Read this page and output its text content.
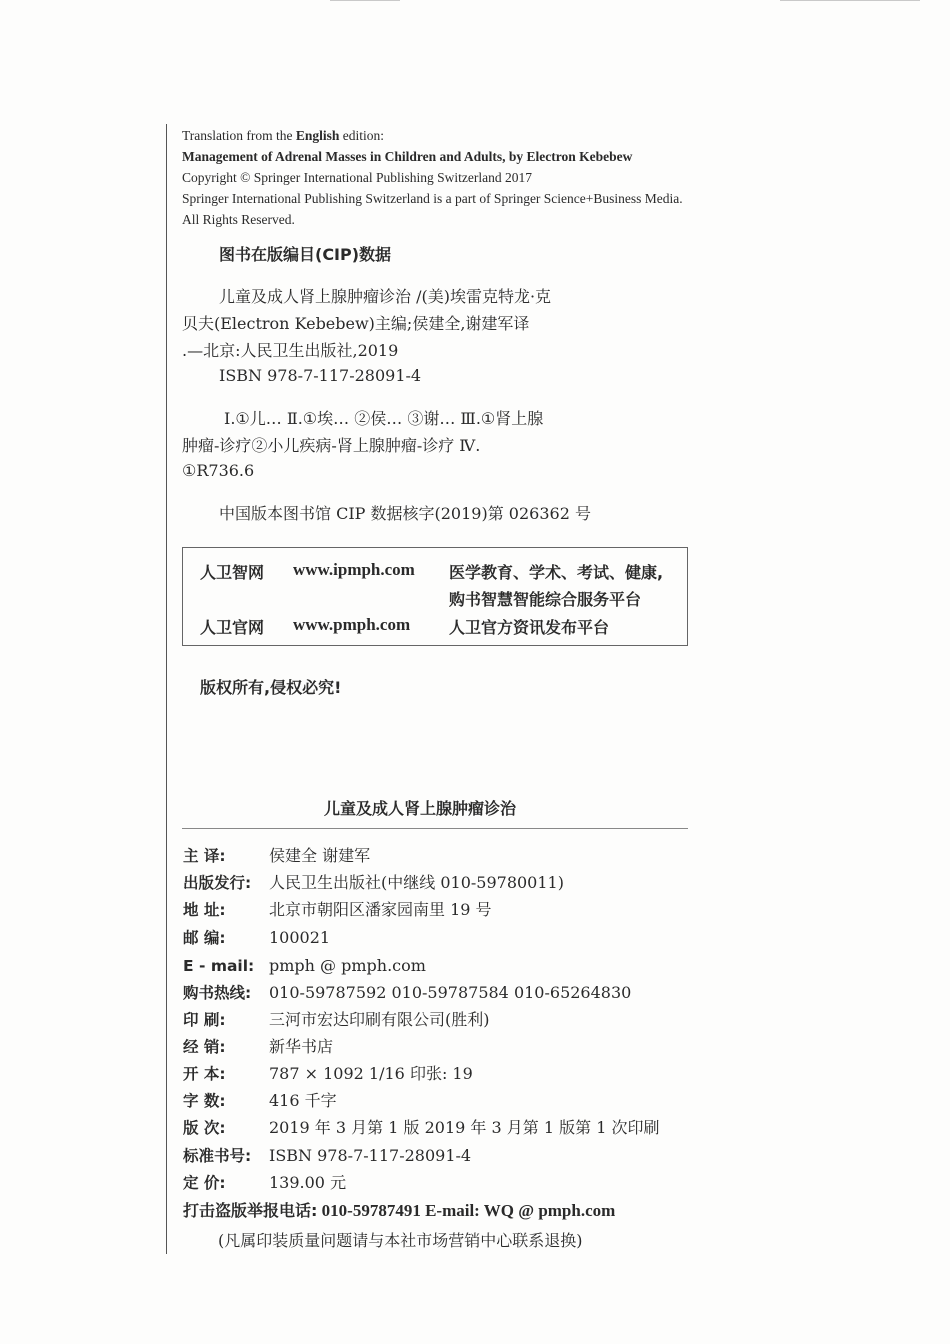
Translation from the English edition:
Management of Adrenal Masses in Children and Adults, by Electron Kebebew
Copyright © Springer International Publishing Switzerland 2017
Springer International Publishing Switzerland is a part of Springer Science+Business Media.
All Rights Reserved.
图书在版编目(CIP)数据
儿童及成人肾上腺肿瘤诊治 /(美)埃雷克特龙·克
贝夫(Electron Kebebew)主编;侯建全,谢建军译
.—北京:人民卫生出版社,2019
ISBN 978-7-117-28091-4
Ⅰ.①儿… Ⅱ.①埃… ②侯… ③谢… Ⅲ.①肾上腺
肿瘤-诊疗②小儿疾病-肾上腺肿瘤-诊疗 Ⅳ.
①R736.6
中国版本图书馆 CIP 数据核字(2019)第 026362 号
人卫智网 www.ipmph.com 医学教育、学术、考试、健康,
购书智慧智能综合服务平台
人卫官网 www.pmph.com 人卫官方资讯发布平台
版权所有,侵权必究!
儿童及成人肾上腺肿瘤诊治
主 译:	侯建全 谢建军
出版发行: 人民卫生出版社(中继线 010-59780011)
地 址:	北京市朝阳区潘家园南里 19 号
邮 编:	100021
E - mail: pmph @ pmph.com
购书热线: 010-59787592 010-59787584 010-65264830
印 刷:	三河市宏达印刷有限公司(胜利)
经 销:	新华书店
开 本:	787 × 1092 1/16 印张: 19
字 数:	416 千字
版 次:	2019 年 3 月第 1 版 2019 年 3 月第 1 版第 1 次印刷
标准书号: ISBN 978-7-117-28091-4
定 价:	139.00 元
打击盗版举报电话: 010-59787491 E-mail: WQ @ pmph.com
(凡属印装质量问题请与本社市场营销中心联系退换)
